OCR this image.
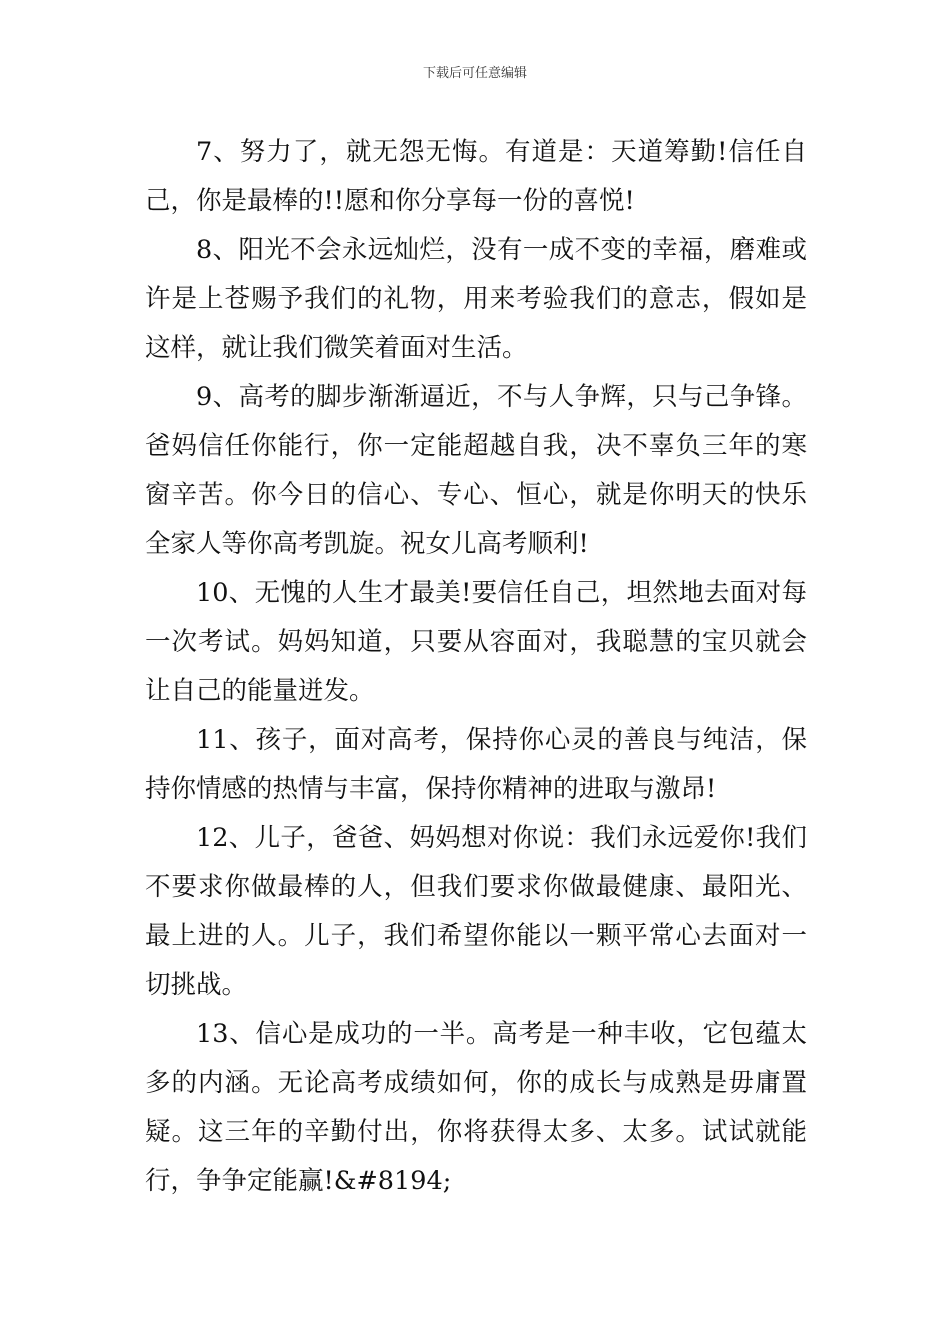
下载后可任意编辑

7、努力了，就无怨无悔。有道是：天道筹勤!信任自己，你是最棒的!!愿和你分享每一份的喜悦!

8、阳光不会永远灿烂，没有一成不变的幸福，磨难或许是上苍赐予我们的礼物，用来考验我们的意志，假如是这样，就让我们微笑着面对生活。

9、高考的脚步渐渐逼近，不与人争辉，只与己争锋。爸妈信任你能行，你一定能超越自我，决不辜负三年的寒窗辛苦。你今日的信心、专心、恒心，就是你明天的快乐全家人等你高考凯旋。祝女儿高考顺利!

10、无愧的人生才最美!要信任自己，坦然地去面对每一次考试。妈妈知道，只要从容面对，我聪慧的宝贝就会让自己的能量迸发。

11、孩子，面对高考，保持你心灵的善良与纯洁，保持你情感的热情与丰富，保持你精神的进取与激昂!

12、儿子，爸爸、妈妈想对你说：我们永远爱你!我们不要求你做最棒的人，但我们要求你做最健康、最阳光、最上进的人。儿子，我们希望你能以一颗平常心去面对一切挑战。

13、信心是成功的一半。高考是一种丰收，它包蕴太多的内涵。无论高考成绩如何，你的成长与成熟是毋庸置疑。这三年的辛勤付出，你将获得太多、太多。试试就能行，争争定能赢!&#8194;
